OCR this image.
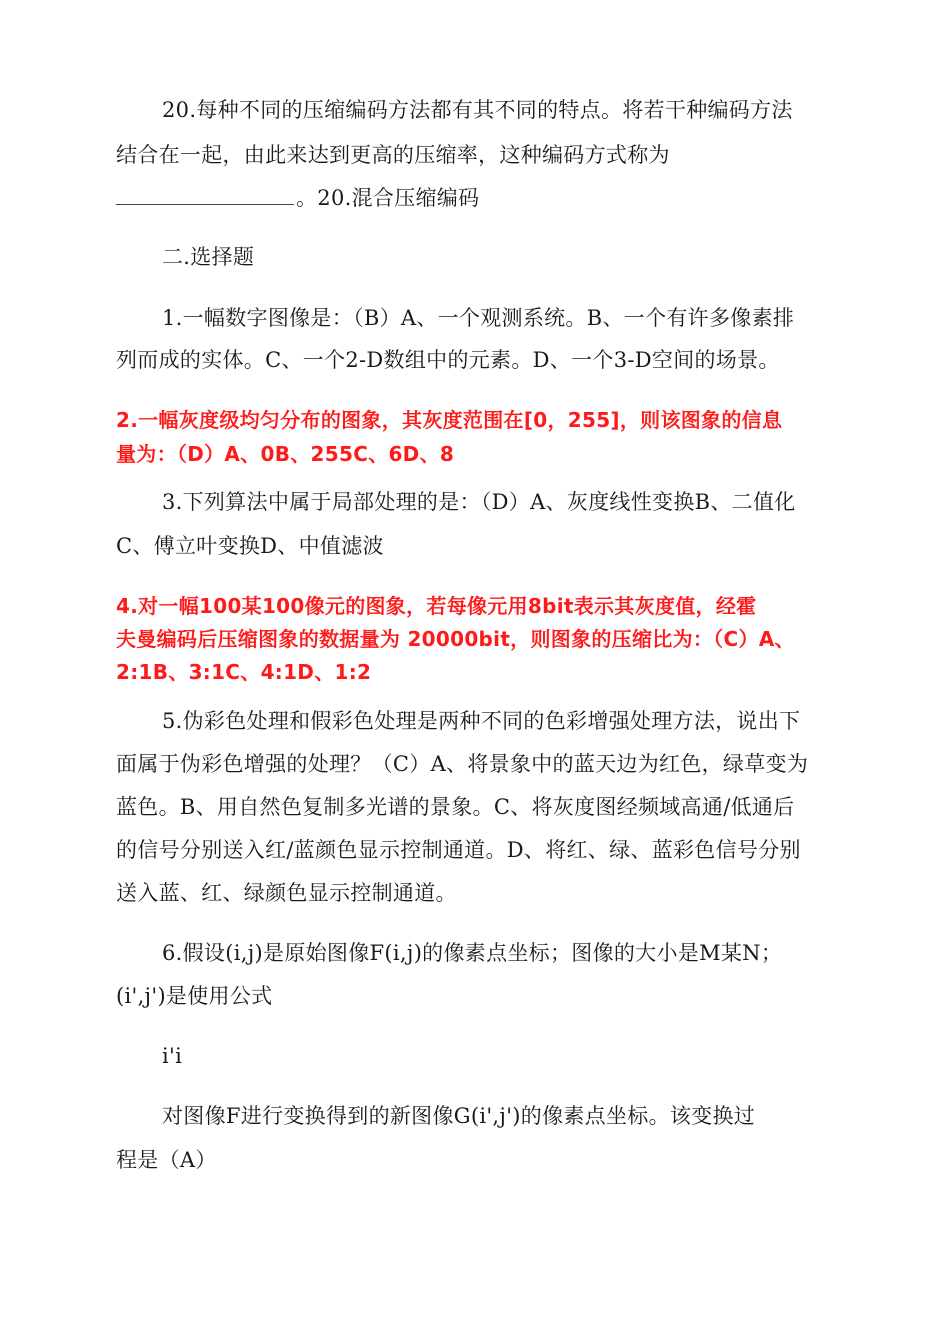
20.每种不同的压缩编码方法都有其不同的特点。将若干种编码方法
结合在一起，由此来达到更高的压缩率，这种编码方式称为
。20.混合压缩编码
二.选择题
1.一幅数字图像是：（B）A、一个观测系统。B、一个有许多像素排
列而成的实体。C、一个2-D数组中的元素。D、一个3-D空间的场景。
2.一幅灰度级均匀分布的图象，其灰度范围在[0，255]，则该图象的信息
量为：（D）A、0B、255C、6D、8
3.下列算法中属于局部处理的是：（D）A、灰度线性变换B、二值化
C、傅立叶变换D、中值滤波
4.对一幅100某100像元的图象，若每像元用8bit表示其灰度值，经霍
夫曼编码后压缩图象的数据量为 20000bit，则图象的压缩比为：（C）A、
2:1B、3:1C、4:1D、1:2
5.伪彩色处理和假彩色处理是两种不同的色彩增强处理方法，说出下
面属于伪彩色增强的处理？（C）A、将景象中的蓝天边为红色，绿草变为
蓝色。B、用自然色复制多光谱的景象。C、将灰度图经频域高通/低通后
的信号分别送入红/蓝颜色显示控制通道。D、将红、绿、蓝彩色信号分别
送入蓝、红、绿颜色显示控制通道。
6.假设(i,j)是原始图像F(i,j)的像素点坐标；图像的大小是M某N；
(i',j')是使用公式
i'i
对图像F进行变换得到的新图像G(i',j')的像素点坐标。该变换过
程是（A）
